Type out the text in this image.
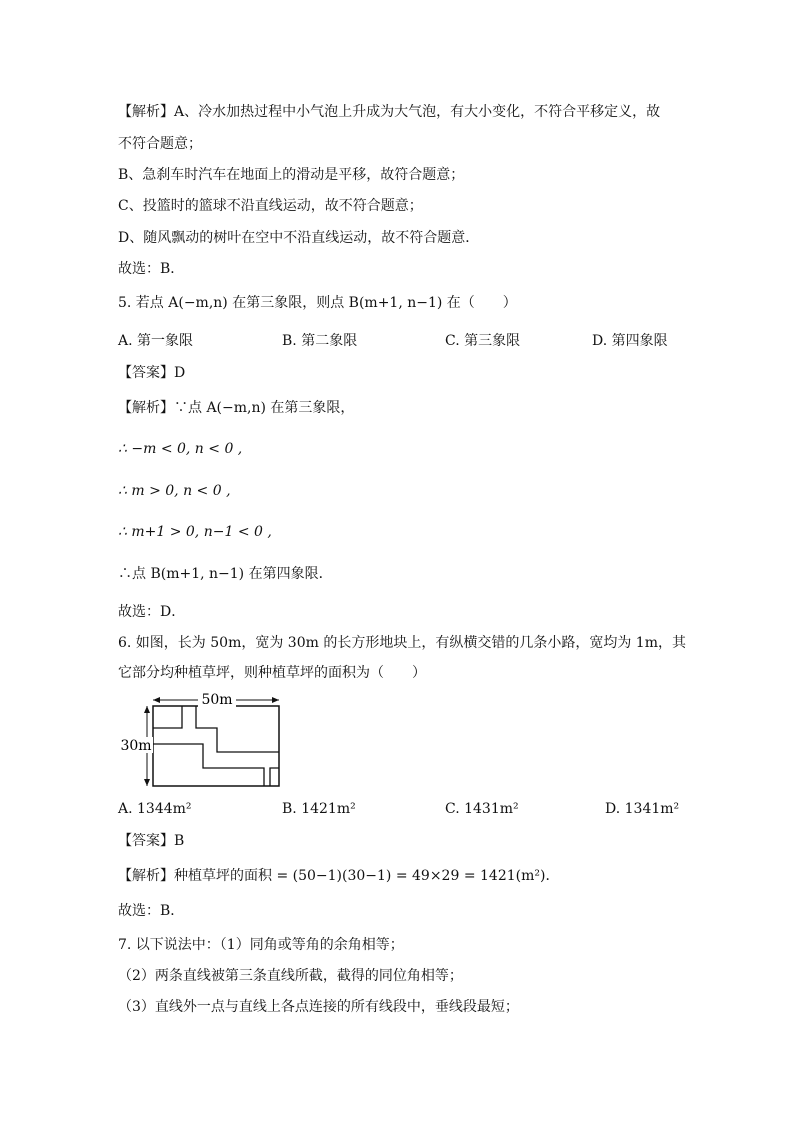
【解析】A、冷水加热过程中小气泡上升成为大气泡，有大小变化，不符合平移定义，故
不符合题意；
B、急刹车时汽车在地面上的滑动是平移，故符合题意；
C、投篮时的篮球不沿直线运动，故不符合题意；
D、随风飘动的树叶在空中不沿直线运动，故不符合题意．
故选：B．
5. 若点 A(−m,n) 在第三象限，则点 B(m+1, n−1) 在（　　）
A. 第一象限	B. 第二象限	C. 第三象限	D. 第四象限
【答案】D
【解析】∵点 A(−m,n) 在第三象限，
∴ −m < 0, n < 0 ,
∴ m > 0, n < 0 ,
∴ m+1 > 0, n−1 < 0 ,
∴点 B(m+1, n−1) 在第四象限．
故选：D．
6. 如图，长为 50m，宽为 30m 的长方形地块上，有纵横交错的几条小路，宽均为 1m，其
它部分均种植草坪，则种植草坪的面积为（　　）
50m
30m
A. 1344m²	B. 1421m²	C. 1431m²	D. 1341m²
【答案】B
【解析】种植草坪的面积 = (50−1)(30−1) = 49×29 = 1421(m²)．
故选：B．
7. 以下说法中：（1）同角或等角的余角相等；
（2）两条直线被第三条直线所截，截得的同位角相等；
（3）直线外一点与直线上各点连接的所有线段中，垂线段最短；
